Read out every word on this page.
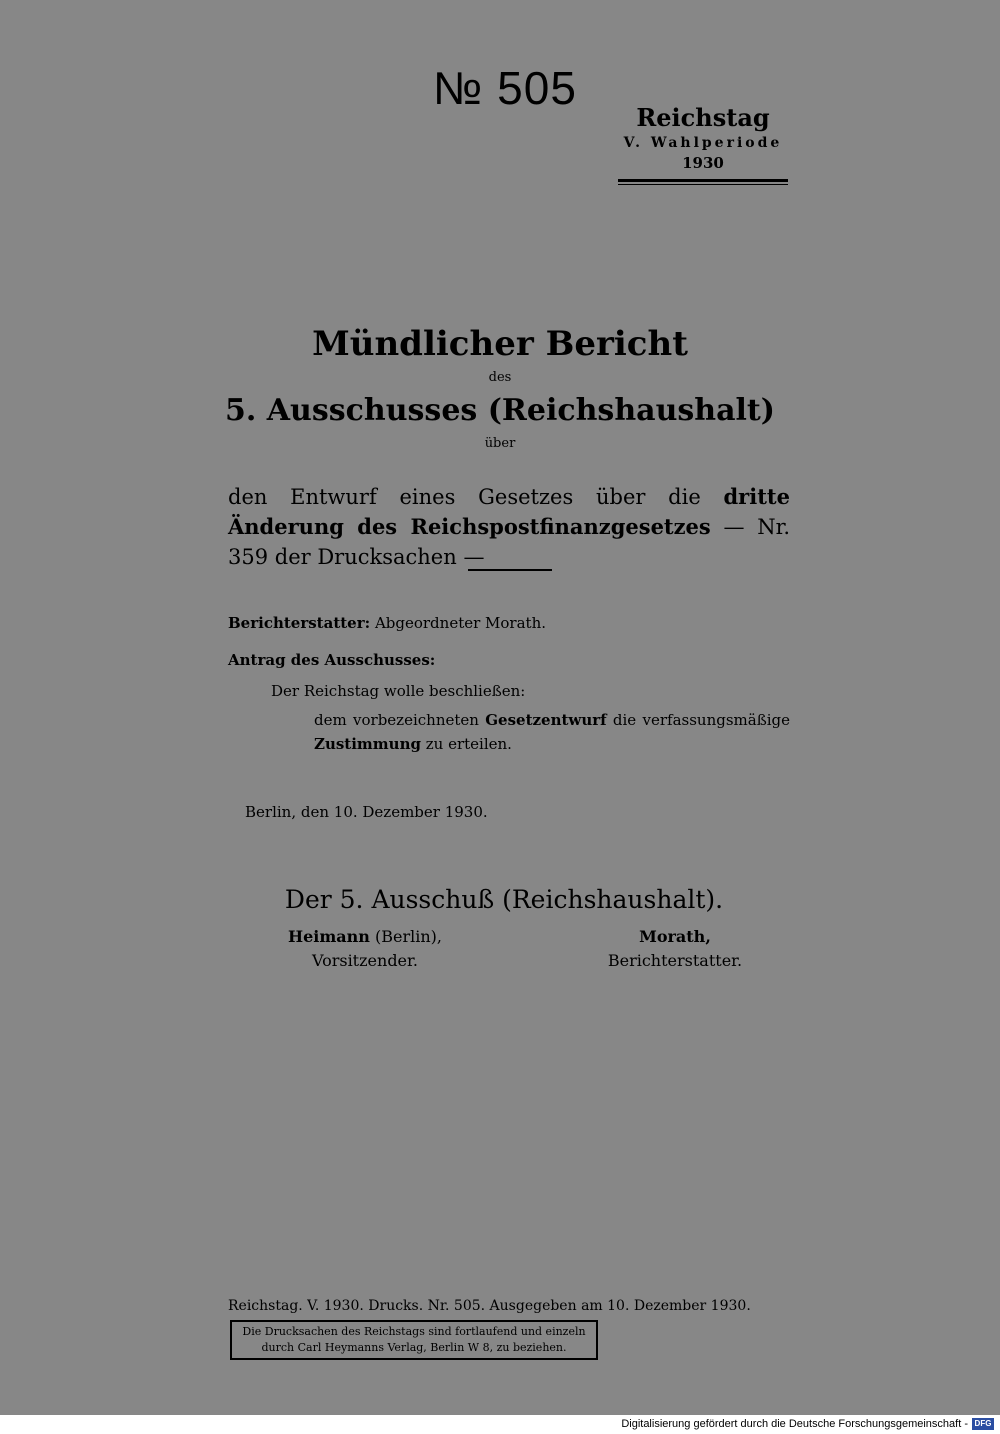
№ 505
Reichstag
V. Wahlperiode
1930
Mündlicher Bericht
des
5. Ausschusses (Reichshaushalt)
über
den Entwurf eines Gesetzes über die dritte Änderung des Reichspostfinanzgesetzes — Nr. 359 der Drucksachen —
Berichterstatter: Abgeordneter Morath.
Antrag des Ausschusses:
Der Reichstag wolle beschließen:
dem vorbezeichneten Gesetzentwurf die verfassungsmäßige Zustimmung zu erteilen.
Berlin, den 10. Dezember 1930.
Der 5. Ausschuß (Reichshaushalt).
Heimann (Berlin),
Vorsitzender.
Morath,
Berichterstatter.
Reichstag. V. 1930. Drucks. Nr. 505. Ausgegeben am 10. Dezember 1930.
Die Drucksachen des Reichstags sind fortlaufend und einzeln
durch Carl Heymanns Verlag, Berlin W 8, zu beziehen.
Digitalisierung gefördert durch die Deutsche Forschungsgemeinschaft - DFG
